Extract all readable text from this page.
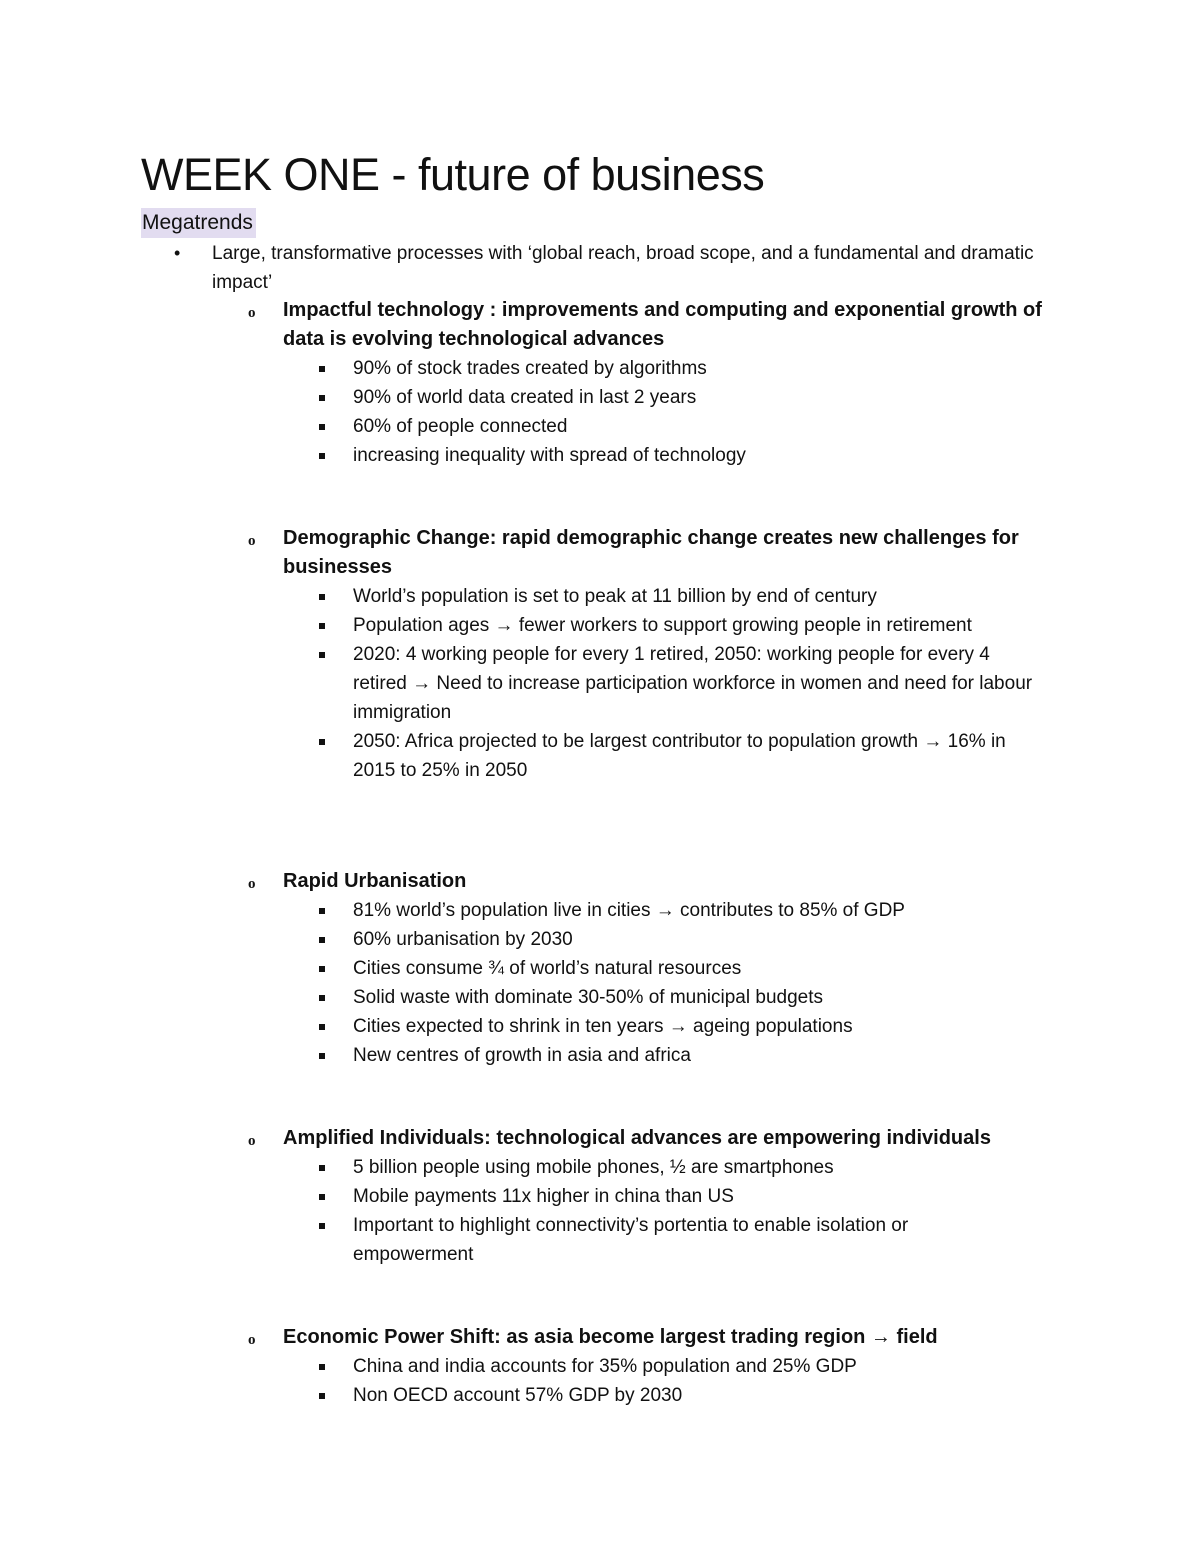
WEEK ONE - future of business
Megatrends
• Large, transformative processes with ‘global reach, broad scope, and a fundamental and dramatic impact’
o Impactful technology : improvements and computing and exponential growth of data is evolving technological advances
90% of stock trades created by algorithms
90% of world data created in last 2 years
60% of people connected
increasing inequality with spread of technology
o Demographic Change: rapid demographic change creates new challenges for businesses
World’s population is set to peak at 11 billion by end of century
Population ages → fewer workers to support growing people in retirement
2020: 4 working people for every 1 retired, 2050: working people for every 4 retired → Need to increase participation workforce in women and need for labour immigration
2050: Africa projected to be largest contributor to population growth → 16% in 2015 to 25% in 2050
o Rapid Urbanisation
81% world’s population live in cities → contributes to 85% of GDP
60% urbanisation by 2030
Cities consume ¾ of world’s natural resources
Solid waste with dominate 30-50% of municipal budgets
Cities expected to shrink in ten years → ageing populations
New centres of growth in asia and africa
o Amplified Individuals: technological advances are empowering individuals
5 billion people using mobile phones, ½ are smartphones
Mobile payments 11x higher in china than US
Important to highlight connectivity’s portentia to enable isolation or empowerment
o Economic Power Shift: as asia become largest trading region → field
China and india accounts for 35% population and 25% GDP
Non OECD account 57% GDP by 2030
